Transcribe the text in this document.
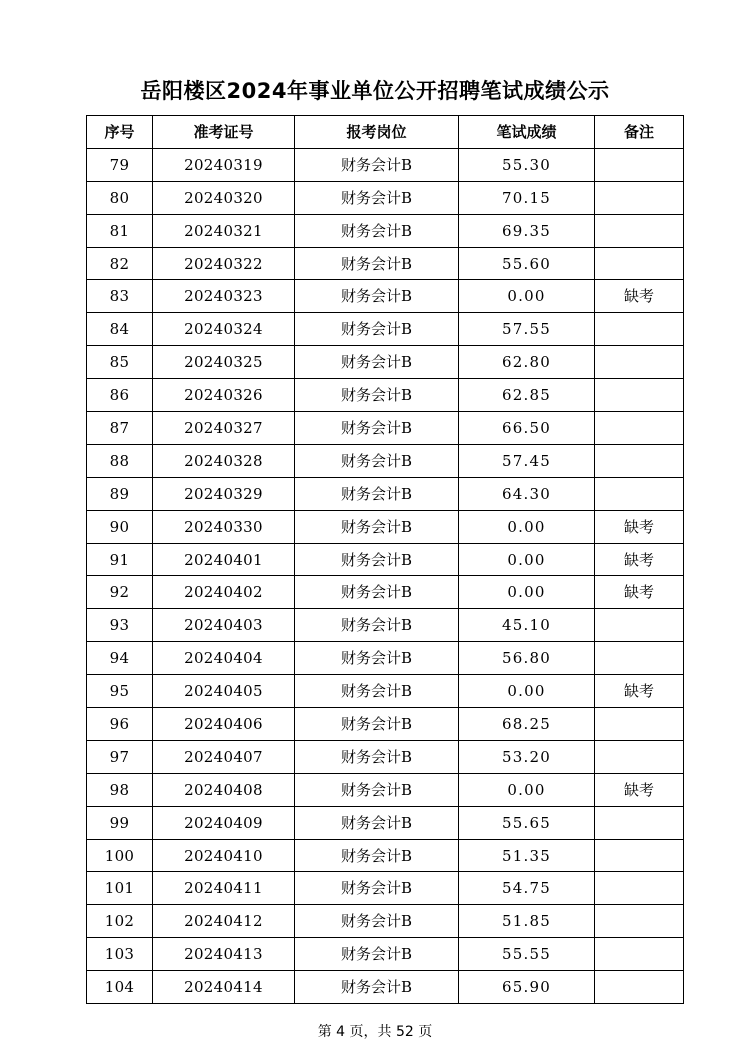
岳阳楼区2024年事业单位公开招聘笔试成绩公示
序号	准考证号	报考岗位	笔试成绩	备注
79	20240319	财务会计B	55.30	
80	20240320	财务会计B	70.15	
81	20240321	财务会计B	69.35	
82	20240322	财务会计B	55.60	
83	20240323	财务会计B	0.00	缺考
84	20240324	财务会计B	57.55	
85	20240325	财务会计B	62.80	
86	20240326	财务会计B	62.85	
87	20240327	财务会计B	66.50	
88	20240328	财务会计B	57.45	
89	20240329	财务会计B	64.30	
90	20240330	财务会计B	0.00	缺考
91	20240401	财务会计B	0.00	缺考
92	20240402	财务会计B	0.00	缺考
93	20240403	财务会计B	45.10	
94	20240404	财务会计B	56.80	
95	20240405	财务会计B	0.00	缺考
96	20240406	财务会计B	68.25	
97	20240407	财务会计B	53.20	
98	20240408	财务会计B	0.00	缺考
99	20240409	财务会计B	55.65	
100	20240410	财务会计B	51.35	
101	20240411	财务会计B	54.75	
102	20240412	财务会计B	51.85	
103	20240413	财务会计B	55.55	
104	20240414	财务会计B	65.90	
第 4 页，共 52 页
